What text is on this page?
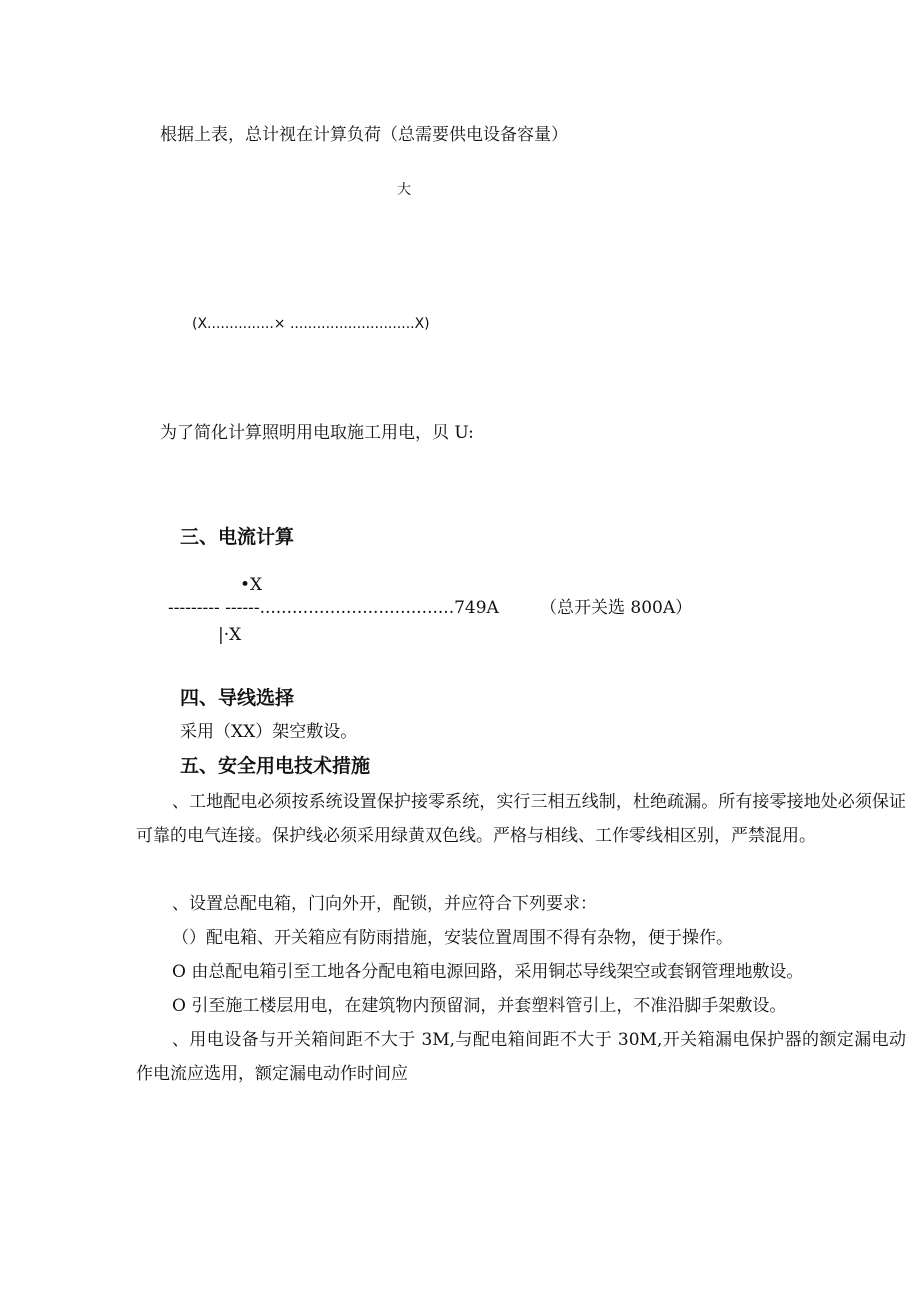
根据上表，总计视在计算负荷（总需要供电设备容量）
大
(X...............× ............................X)
为了简化计算照明用电取施工用电，贝 U:
三、电流计算
•X
--------- ------....................................749A （总开关选 800A）
|·X
四、导线选择
采用（XX）架空敷设。
五、安全用电技术措施
、工地配电必须按系统设置保护接零系统，实行三相五线制，杜绝疏漏。所有接零接地处必须保证可靠的电气连接。保护线必须采用绿黄双色线。严格与相线、工作零线相区别，严禁混用。
、设置总配电箱，门向外开，配锁，并应符合下列要求：
（）配电箱、开关箱应有防雨措施，安装位置周围不得有杂物，便于操作。
O 由总配电箱引至工地各分配电箱电源回路，采用铜芯导线架空或套钢管理地敷设。
O 引至施工楼层用电，在建筑物内预留洞，并套塑料管引上，不准沿脚手架敷设。
、用电设备与开关箱间距不大于 3M,与配电箱间距不大于 30M,开关箱漏电保护器的额定漏电动作电流应选用，额定漏电动作时间应
